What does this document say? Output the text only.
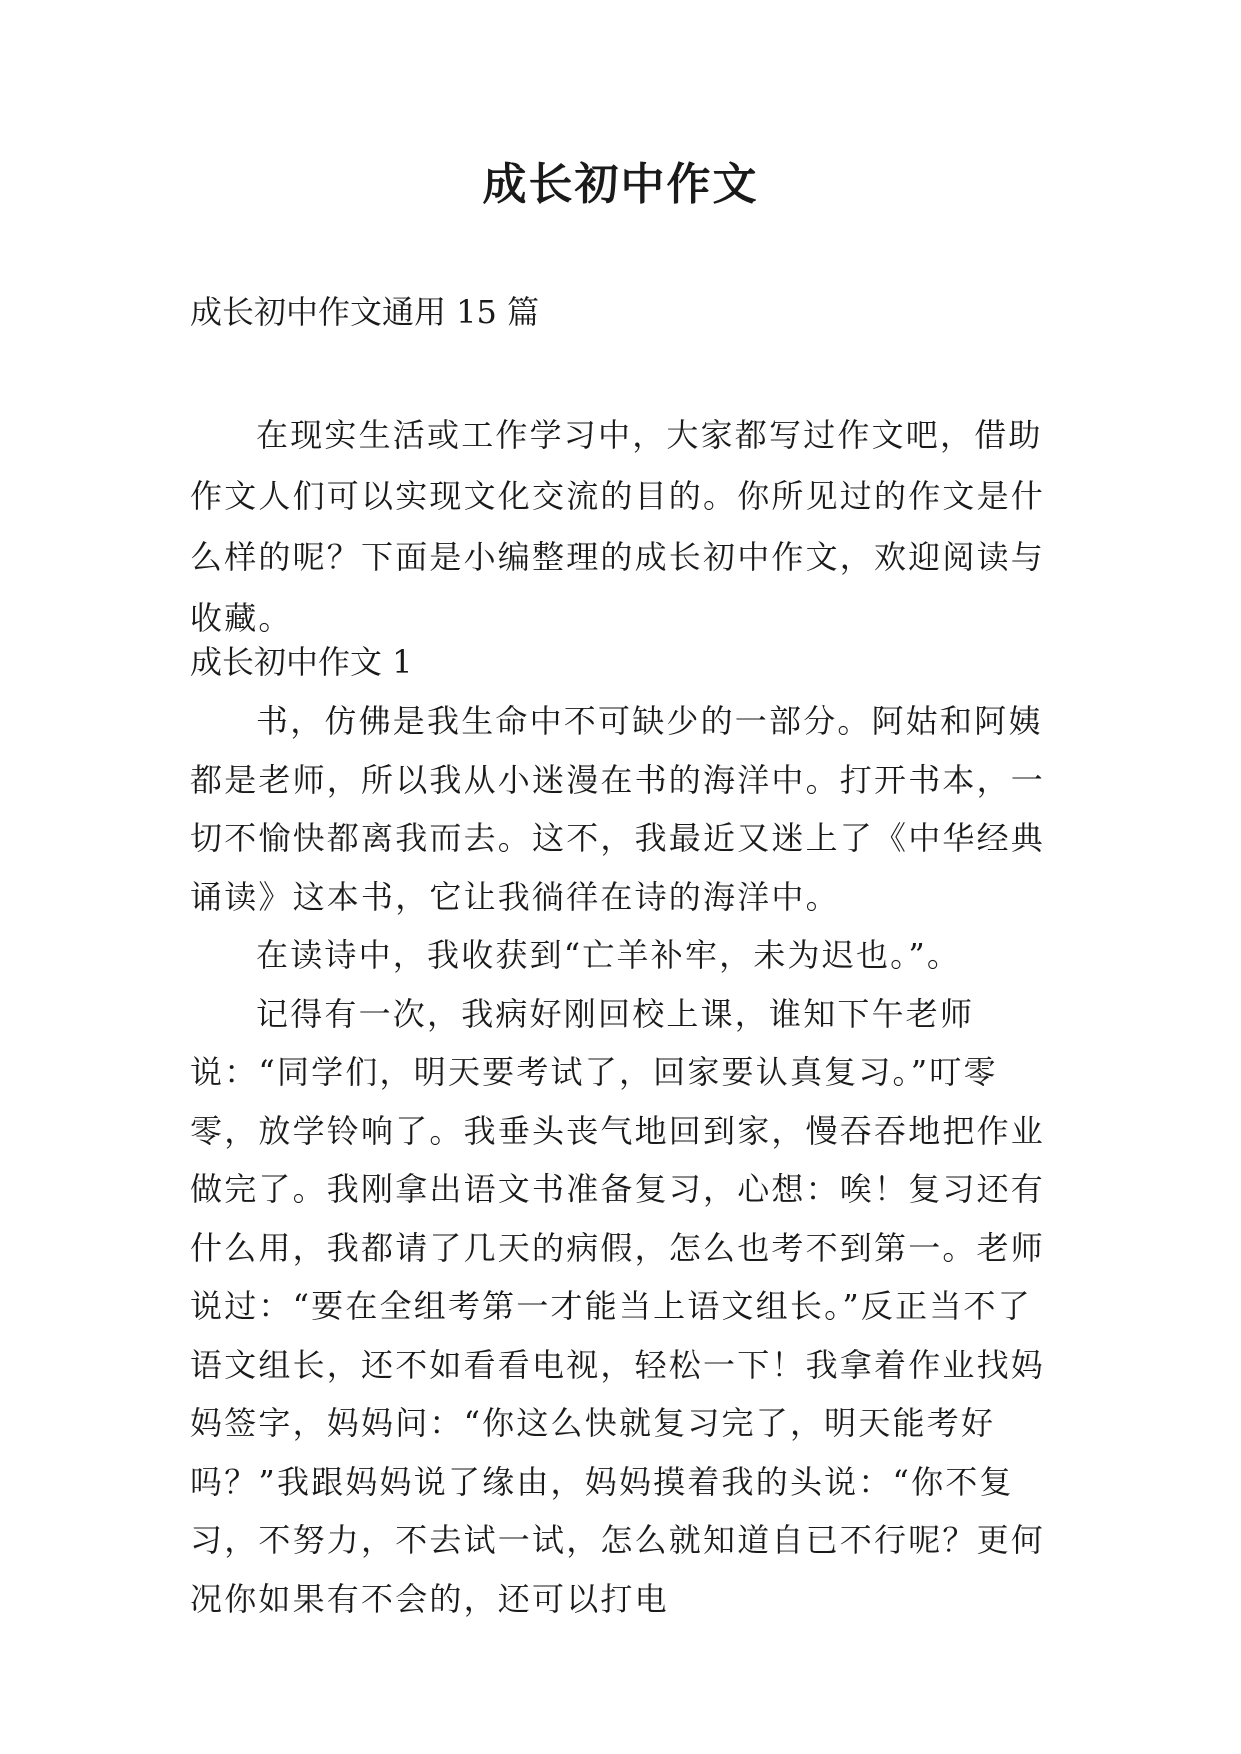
成长初中作文

成长初中作文通用 15 篇

在现实生活或工作学习中，大家都写过作文吧，借助作文人们可以实现文化交流的目的。你所见过的作文是什么样的呢？下面是小编整理的成长初中作文，欢迎阅读与收藏。

成长初中作文 1

书，仿佛是我生命中不可缺少的一部分。阿姑和阿姨都是老师，所以我从小迷漫在书的海洋中。打开书本，一切不愉快都离我而去。这不，我最近又迷上了《中华经典诵读》这本书，它让我徜徉在诗的海洋中。

在读诗中，我收获到“亡羊补牢，未为迟也。”。

记得有一次，我病好刚回校上课，谁知下午老师说：“同学们，明天要考试了，回家要认真复习。”叮零零，放学铃响了。我垂头丧气地回到家，慢吞吞地把作业做完了。我刚拿出语文书准备复习，心想：唉！复习还有什么用，我都请了几天的病假，怎么也考不到第一。老师说过：“要在全组考第一才能当上语文组长。”反正当不了语文组长，还不如看看电视，轻松一下！我拿着作业找妈妈签字，妈妈问：“你这么快就复习完了，明天能考好吗？”我跟妈妈说了缘由，妈妈摸着我的头说：“你不复习，不努力，不去试一试，怎么就知道自已不行呢？更何况你如果有不会的，还可以打电
